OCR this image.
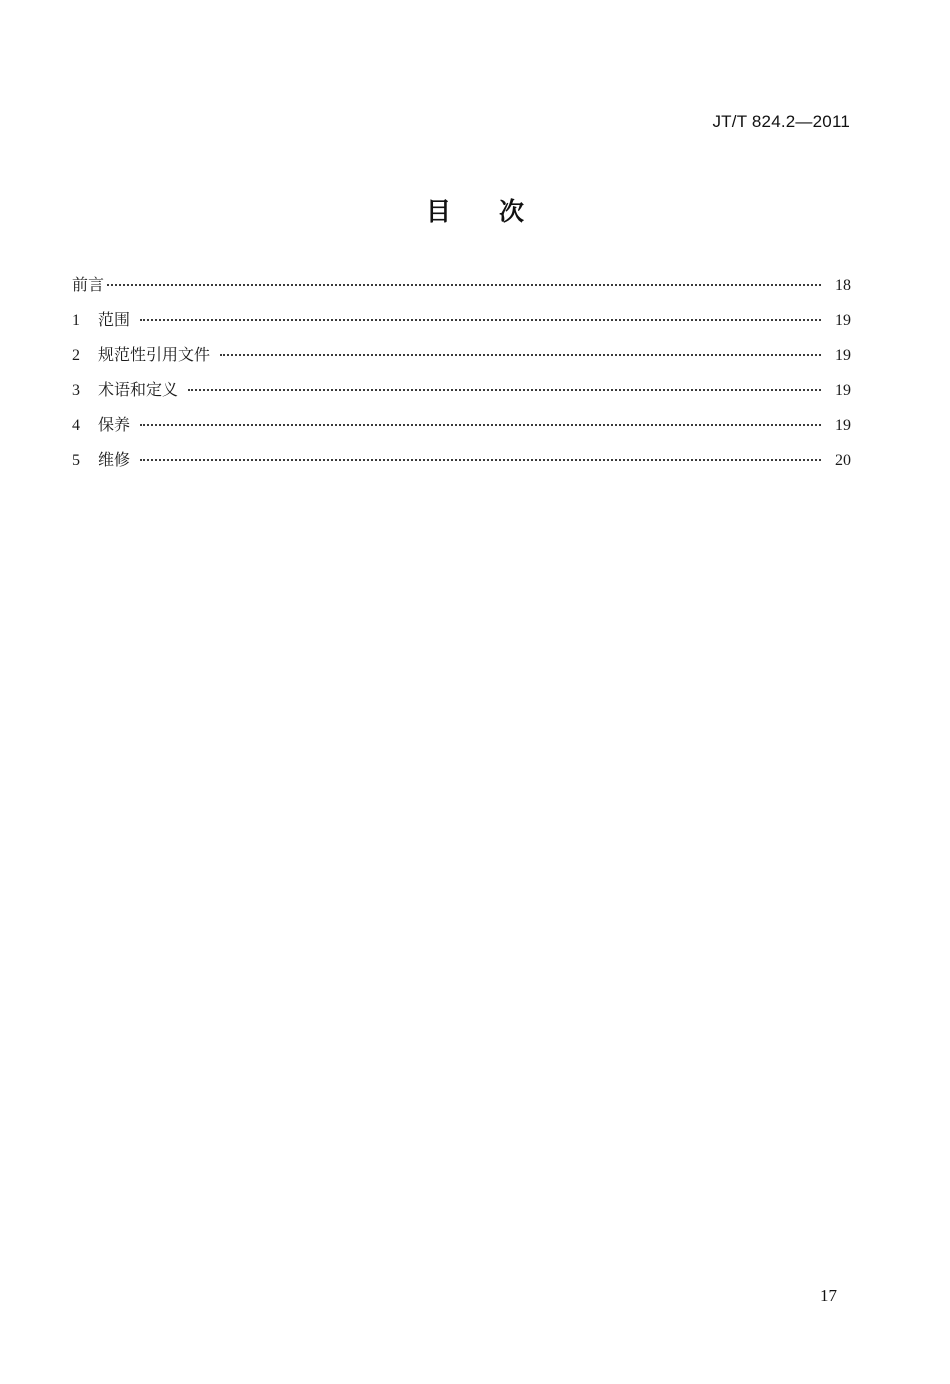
JT/T 824.2—2011
目 次
前言	18
1	范围	19
2	规范性引用文件	19
3	术语和定义	19
4	保养	19
5	维修	20
17
